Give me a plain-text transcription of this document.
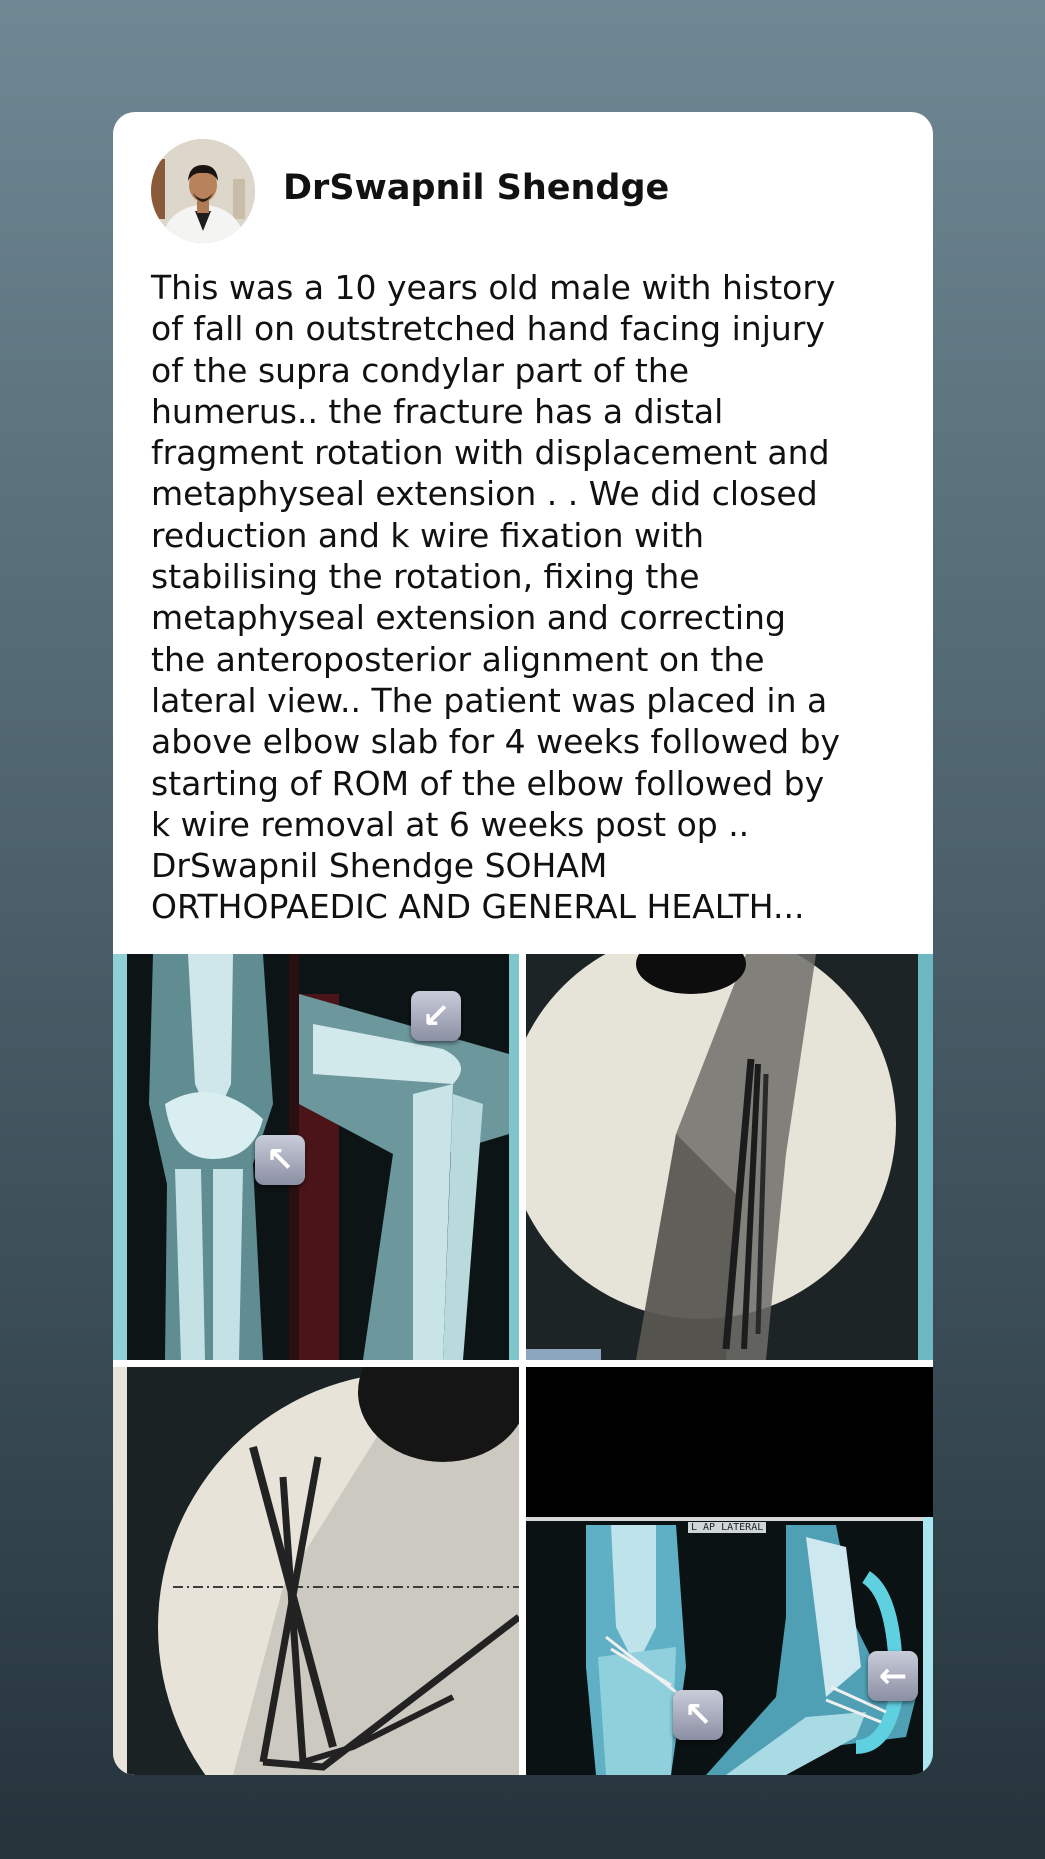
DrSwapnil Shendge
This was a 10 years old male with history
of fall on outstretched hand facing injury
of the supra condylar part of the
humerus.. the fracture has a distal
fragment rotation with displacement and
metaphyseal extension . . We did closed
reduction and k wire fixation with
stabilising the rotation, fixing the
metaphyseal extension and correcting
the anteroposterior alignment on the
lateral view.. The patient was placed in a
above elbow slab for 4 weeks followed by
starting of ROM of the elbow followed by
k wire removal at 6 weeks post op ..
DrSwapnil Shendge SOHAM
ORTHOPAEDIC AND GENERAL HEALTH...
↙
↖
L AP LATERAL
↖
←
